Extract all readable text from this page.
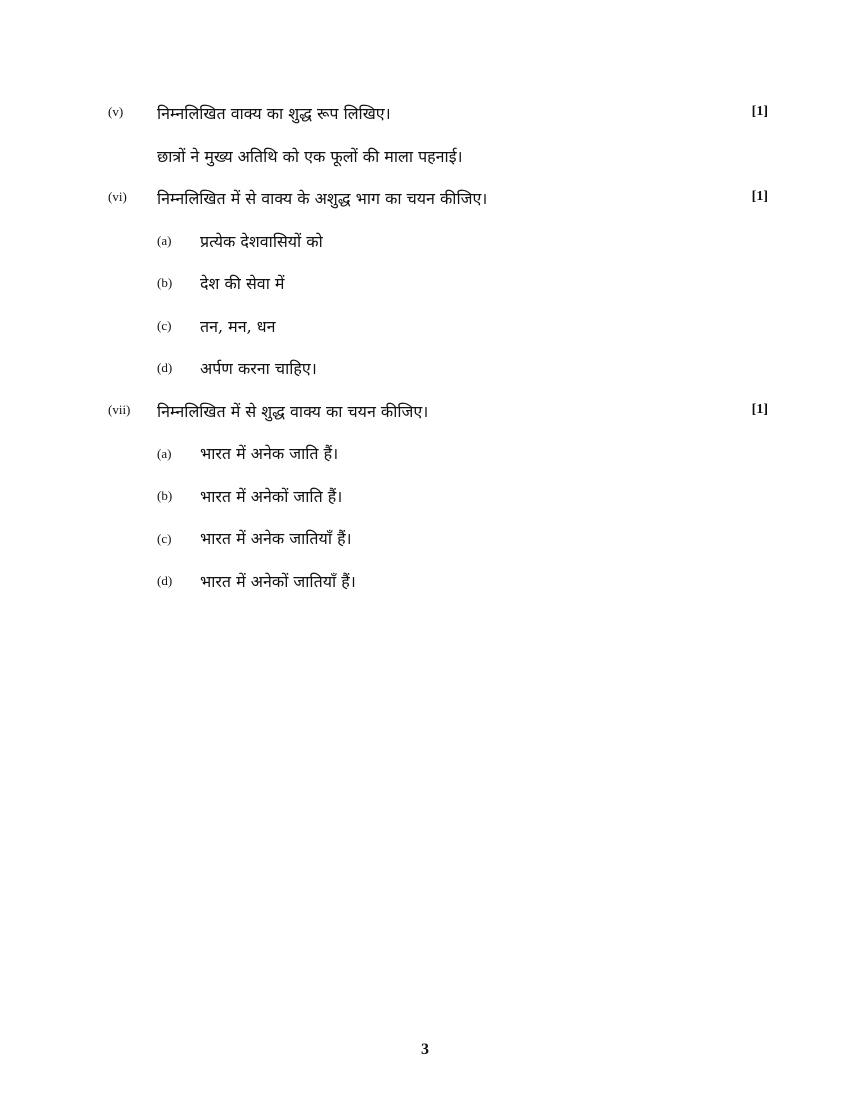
(v) निम्नलिखित वाक्य का शुद्ध रूप लिखिए।	[1]
छात्रों ने मुख्य अतिथि को एक फूलों की माला पहनाई।
(vi) निम्नलिखित में से वाक्य के अशुद्ध भाग का चयन कीजिए।	[1]
(a) प्रत्येक देशवासियों को
(b) देश की सेवा में
(c) तन, मन, धन
(d) अर्पण करना चाहिए।
(vii) निम्नलिखित में से शुद्ध वाक्य का चयन कीजिए।	[1]
(a) भारत में अनेक जाति हैं।
(b) भारत में अनेकों जाति हैं।
(c) भारत में अनेक जातियाँ हैं।
(d) भारत में अनेकों जातियाँ हैं।
3
